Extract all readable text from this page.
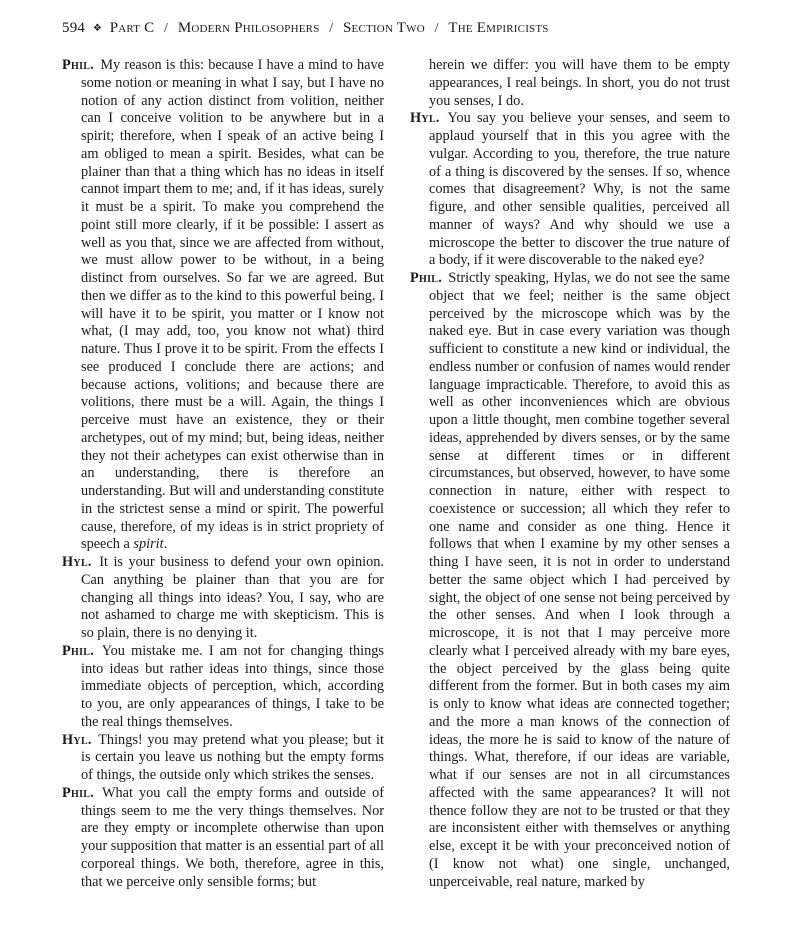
594 ❖ Part C / Modern Philosophers / Section Two / The Empiricists

Phil. My reason is this: because I have a mind to have some notion or meaning in what I say, but I have no notion of any action distinct from volition, neither can I conceive volition to be anywhere but in a spirit; therefore, when I speak of an active being I am obliged to mean a spirit. Besides, what can be plainer than that a thing which has no ideas in itself cannot impart them to me; and, if it has ideas, surely it must be a spirit. To make you comprehend the point still more clearly, if it be possible: I assert as well as you that, since we are affected from without, we must allow power to be without, in a being distinct from ourselves. So far we are agreed. But then we differ as to the kind to this powerful being. I will have it to be spirit, you matter or I know not what, (I may add, too, you know not what) third nature. Thus I prove it to be spirit. From the effects I see produced I conclude there are actions; and because actions, volitions; and because there are volitions, there must be a will. Again, the things I perceive must have an existence, they or their archetypes, out of my mind; but, being ideas, neither they not their achetypes can exist otherwise than in an understanding, there is therefore an understanding. But will and understanding constitute in the strictest sense a mind or spirit. The powerful cause, therefore, of my ideas is in strict propriety of speech a spirit.

Hyl. It is your business to defend your own opinion. Can anything be plainer than that you are for changing all things into ideas? You, I say, who are not ashamed to charge me with skepticism. This is so plain, there is no denying it.

Phil. You mistake me. I am not for changing things into ideas but rather ideas into things, since those immediate objects of perception, which, according to you, are only appearances of things, I take to be the real things themselves.

Hyl. Things! you may pretend what you please; but it is certain you leave us nothing but the empty forms of things, the outside only which strikes the senses.

Phil. What you call the empty forms and outside of things seem to me the very things themselves. Nor are they empty or incomplete otherwise than upon your supposition that matter is an essential part of all corporeal things. We both, therefore, agree in this, that we perceive only sensible forms; but

herein we differ: you will have them to be empty appearances, I real beings. In short, you do not trust you senses, I do.

Hyl. You say you believe your senses, and seem to applaud yourself that in this you agree with the vulgar. According to you, therefore, the true nature of a thing is discovered by the senses. If so, whence comes that disagreement? Why, is not the same figure, and other sensible qualities, perceived all manner of ways? And why should we use a microscope the better to discover the true nature of a body, if it were discoverable to the naked eye?

Phil. Strictly speaking, Hylas, we do not see the same object that we feel; neither is the same object perceived by the microscope which was by the naked eye. But in case every variation was though sufficient to constitute a new kind or individual, the endless number or confusion of names would render language impracticable. Therefore, to avoid this as well as other inconveniences which are obvious upon a little thought, men combine together several ideas, apprehended by divers senses, or by the same sense at different times or in different circumstances, but observed, however, to have some connection in nature, either with respect to coexistence or succession; all which they refer to one name and consider as one thing. Hence it follows that when I examine by my other senses a thing I have seen, it is not in order to understand better the same object which I had perceived by sight, the object of one sense not being perceived by the other senses. And when I look through a microscope, it is not that I may perceive more clearly what I perceived already with my bare eyes, the object perceived by the glass being quite different from the former. But in both cases my aim is only to know what ideas are connected together; and the more a man knows of the connection of ideas, the more he is said to know of the nature of things. What, therefore, if our ideas are variable, what if our senses are not in all circumstances affected with the same appearances? It will not thence follow they are not to be trusted or that they are inconsistent either with themselves or anything else, except it be with your preconceived notion of (I know not what) one single, unchanged, unperceivable, real nature, marked by
